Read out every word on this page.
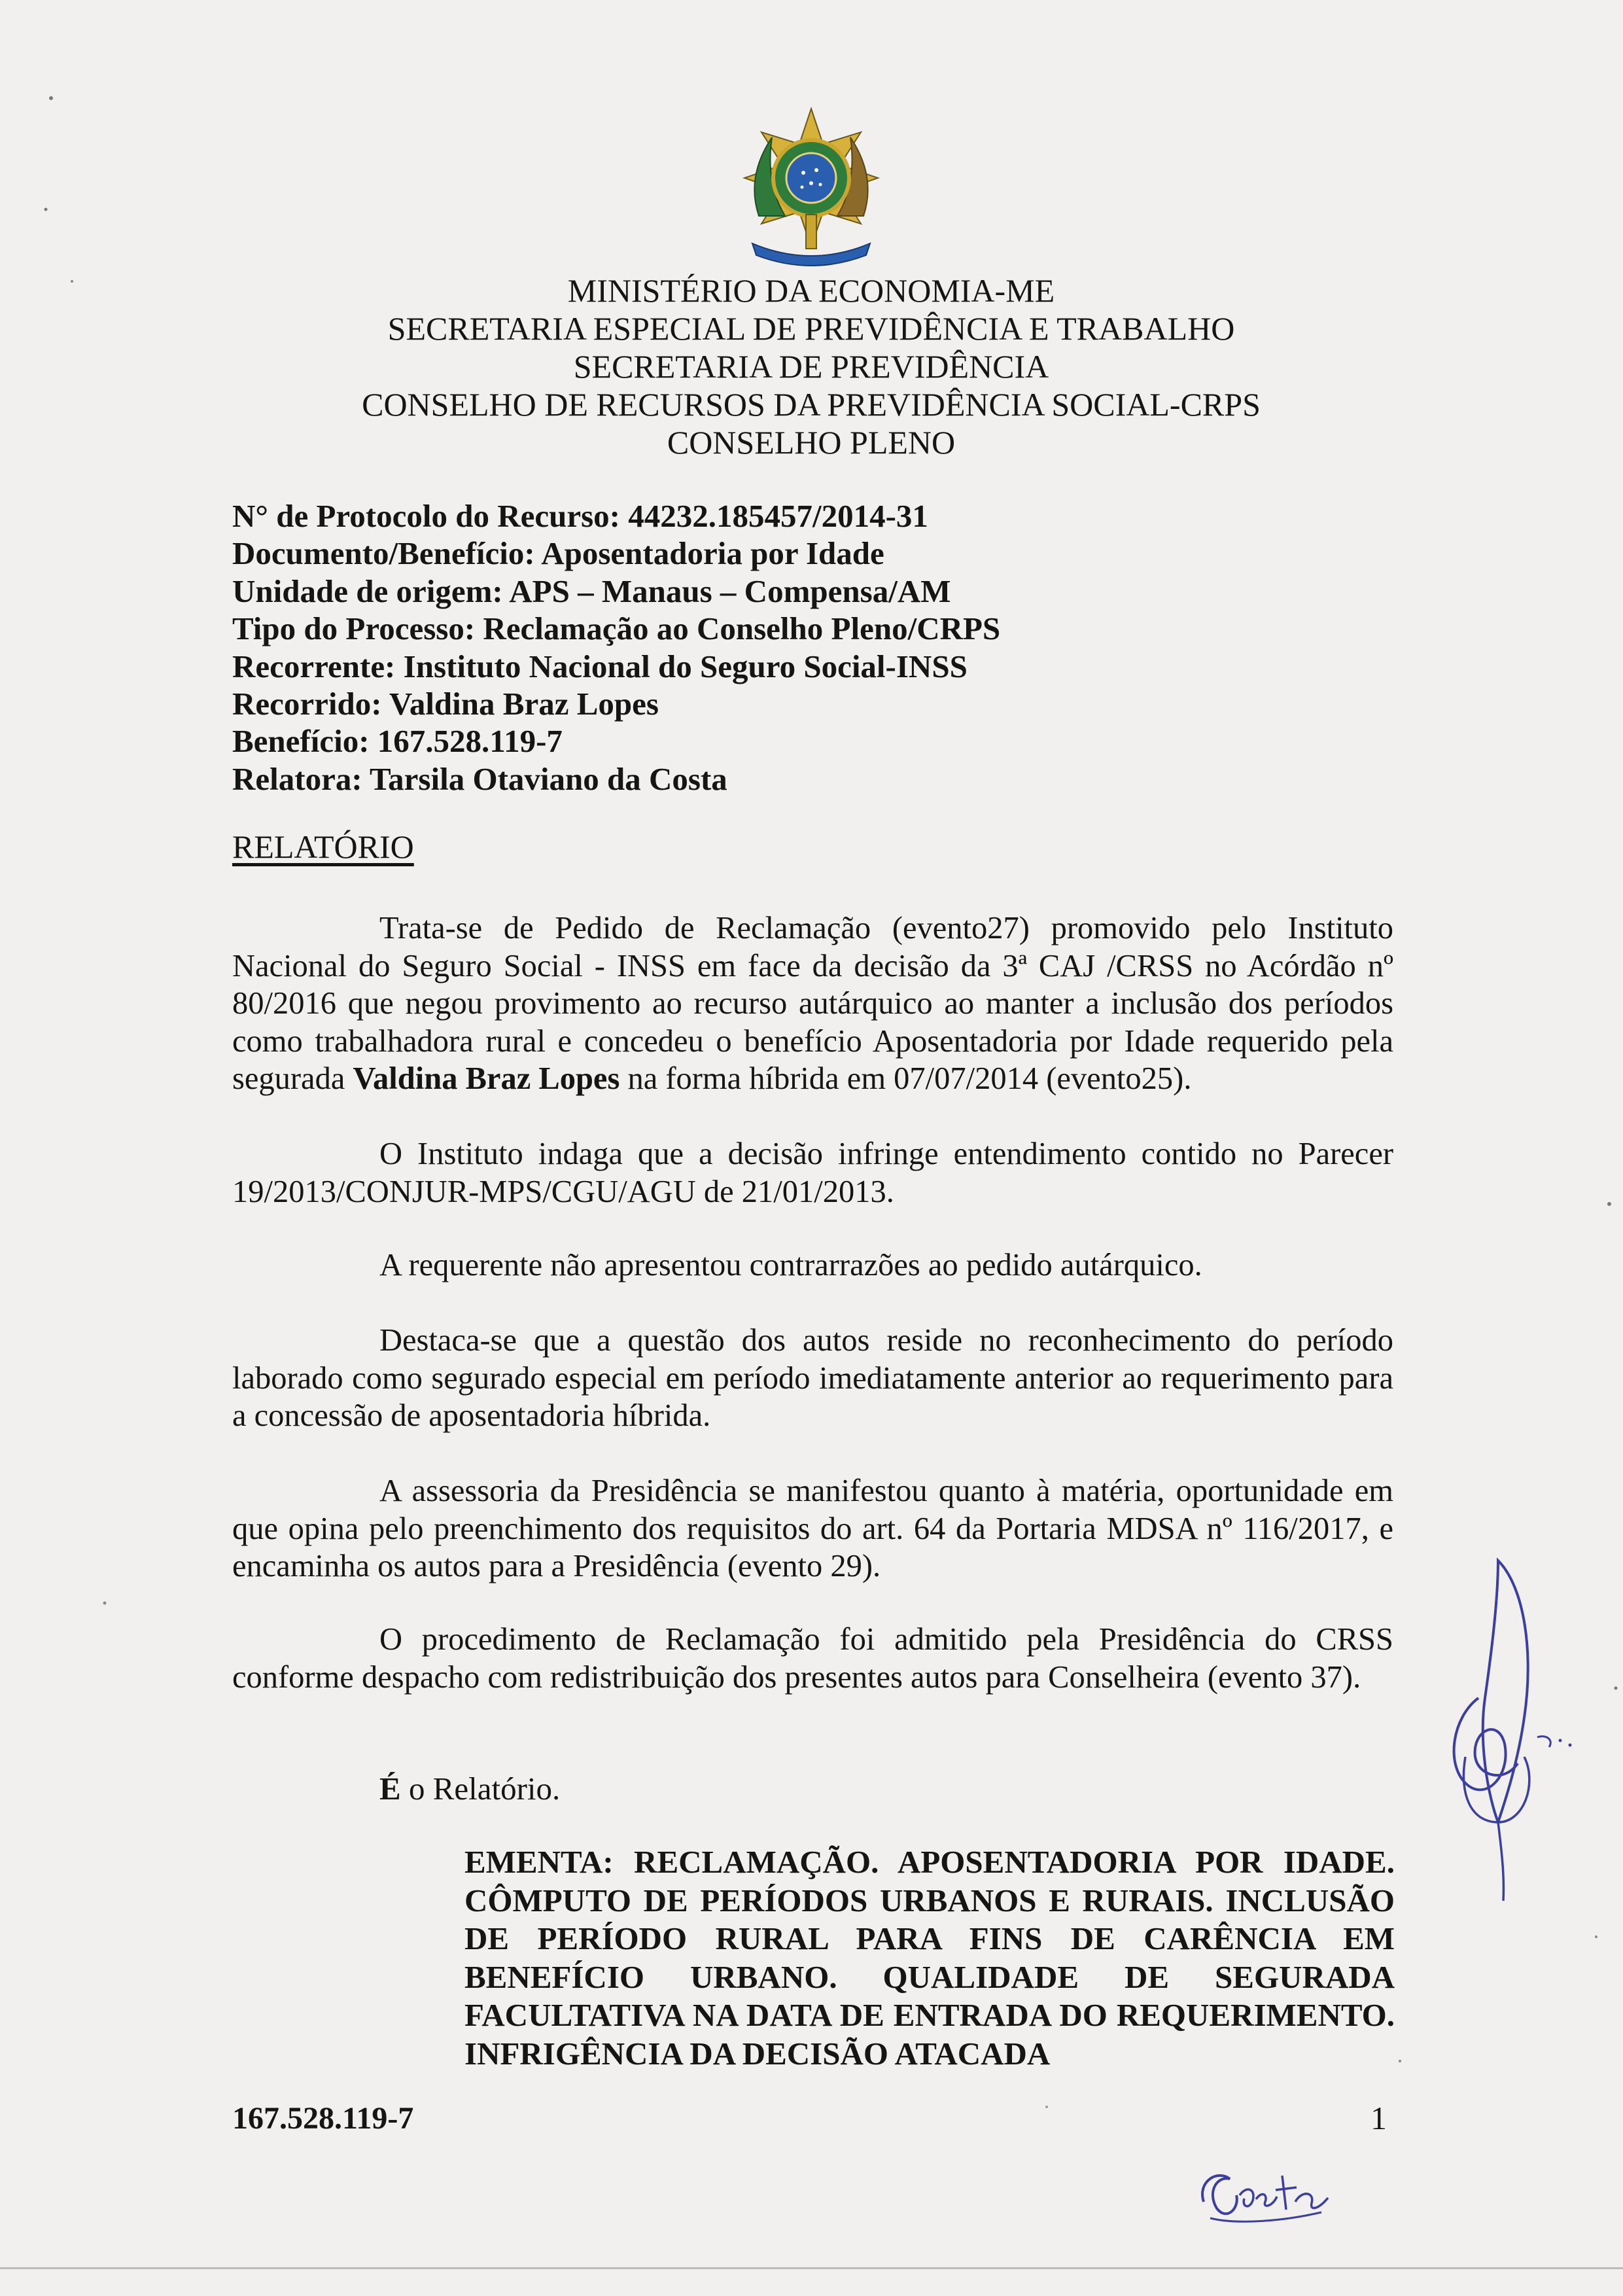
MINISTÉRIO DA ECONOMIA-ME
SECRETARIA ESPECIAL DE PREVIDÊNCIA E TRABALHO
SECRETARIA DE PREVIDÊNCIA
CONSELHO DE RECURSOS DA PREVIDÊNCIA SOCIAL-CRPS
CONSELHO PLENO
N° de Protocolo do Recurso: 44232.185457/2014-31
Documento/Benefício: Aposentadoria por Idade
Unidade de origem: APS – Manaus – Compensa/AM
Tipo do Processo: Reclamação ao Conselho Pleno/CRPS
Recorrente: Instituto Nacional do Seguro Social-INSS
Recorrido: Valdina Braz Lopes
Benefício: 167.528.119-7
Relatora: Tarsila Otaviano da Costa
RELATÓRIO
Trata-se de Pedido de Reclamação (evento27) promovido pelo Instituto Nacional do Seguro Social - INSS em face da decisão da 3ª CAJ /CRSS no Acórdão nº 80/2016 que negou provimento ao recurso autárquico ao manter a inclusão dos períodos como trabalhadora rural e concedeu o benefício Aposentadoria por Idade requerido pela segurada Valdina Braz Lopes na forma híbrida em 07/07/2014 (evento25).
O Instituto indaga que a decisão infringe entendimento contido no Parecer 19/2013/CONJUR-MPS/CGU/AGU de 21/01/2013.
A requerente não apresentou contrarrazões ao pedido autárquico.
Destaca-se que a questão dos autos reside no reconhecimento do período laborado como segurado especial em período imediatamente anterior ao requerimento para a concessão de aposentadoria híbrida.
A assessoria da Presidência se manifestou quanto à matéria, oportunidade em que opina pelo preenchimento dos requisitos do art. 64 da Portaria MDSA nº 116/2017, e encaminha os autos para a Presidência (evento 29).
O procedimento de Reclamação foi admitido pela Presidência do CRSS conforme despacho com redistribuição dos presentes autos para Conselheira (evento 37).
É o Relatório.
EMENTA: RECLAMAÇÃO. APOSENTADORIA POR IDADE. CÔMPUTO DE PERÍODOS URBANOS E RURAIS. INCLUSÃO DE PERÍODO RURAL PARA FINS DE CARÊNCIA EM BENEFÍCIO URBANO. QUALIDADE DE SEGURADA FACULTATIVA NA DATA DE ENTRADA DO REQUERIMENTO. INFRIGÊNCIA DA DECISÃO ATACADA
167.528.119-7	1
